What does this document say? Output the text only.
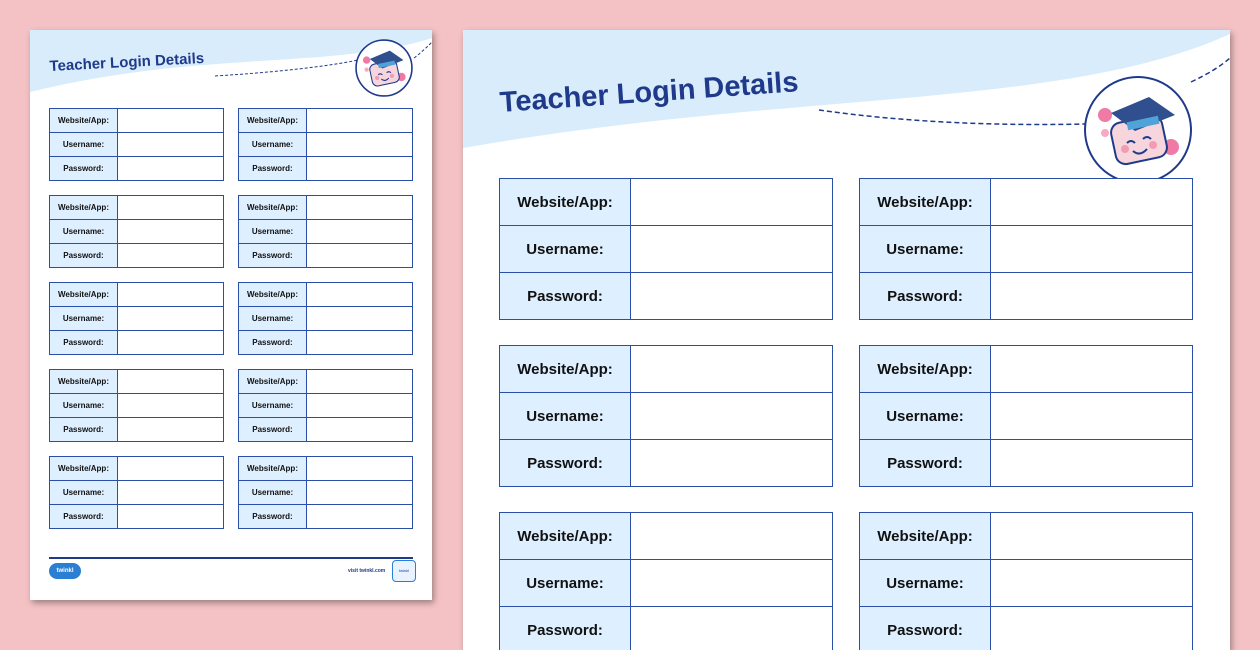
Teacher Login Details
Website/App:	
Username:	
Password:	
Website/App:	
Username:	
Password:	
Website/App:	
Username:	
Password:	
Website/App:	
Username:	
Password:	
Website/App:	
Username:	
Password:	
Website/App:	
Username:	
Password:	
Website/App:	
Username:	
Password:	
Website/App:	
Username:	
Password:	
Website/App:	
Username:	
Password:	
Website/App:	
Username:	
Password:	
twinkl	visit twinkl.com	twinkl
Teacher Login Details
Website/App:	
Username:	
Password:	
Website/App:	
Username:	
Password:	
Website/App:	
Username:	
Password:	
Website/App:	
Username:	
Password:	
Website/App:	
Username:	
Password:	
Website/App:	
Username:	
Password:	
